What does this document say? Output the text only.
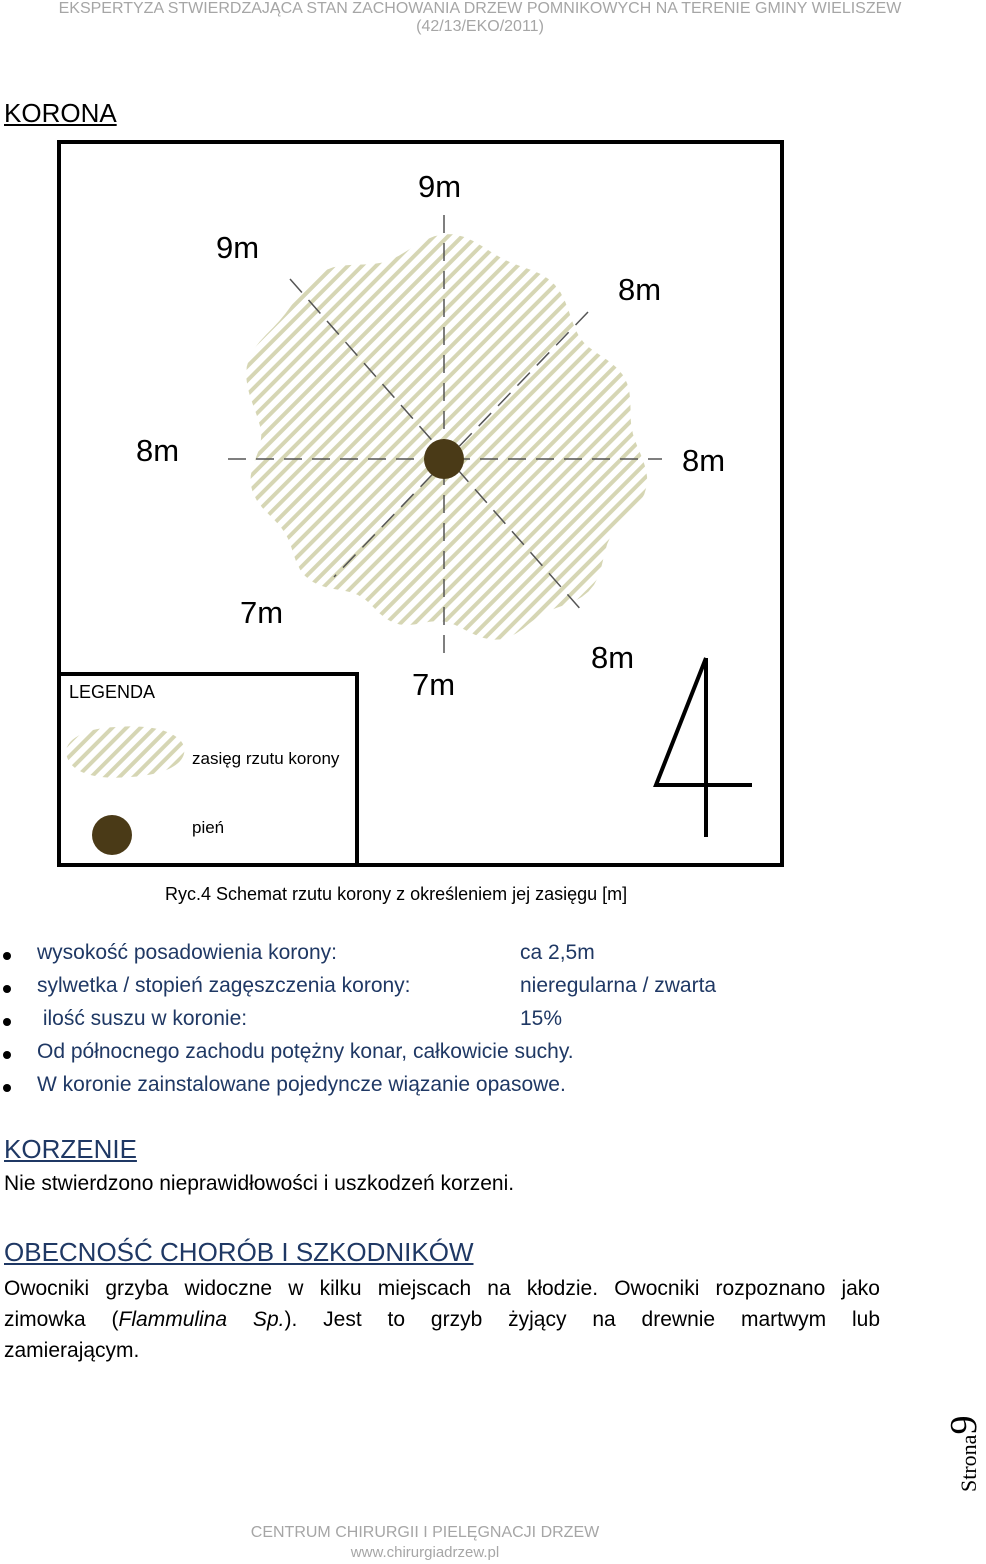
EKSPERTYZA STWIERDZAJĄCA STAN ZACHOWANIA DRZEW POMNIKOWYCH NA TERENIE GMINY WIELISZEW
(42/13/EKO/2011)
KORONA
9m
9m
8m
8m	8m
7m
7m
8m
LEGENDA
zasięg rzutu korony
pień
Ryc.4 Schemat rzutu korony z określeniem jej zasięgu [m]
wysokość posadowienia korony:	ca 2,5m
sylwetka / stopień zagęszczenia korony:	nieregularna / zwarta
ilość suszu w koronie:	15%
Od północnego zachodu potężny konar, całkowicie suchy.
W koronie zainstalowane pojedyncze wiązanie opasowe.
KORZENIE
Nie stwierdzono nieprawidłowości i uszkodzeń korzeni.
OBECNOŚĆ CHORÓB I SZKODNIKÓW
Owocniki grzyba widoczne w kilku miejscach na kłodzie. Owocniki rozpoznano jako
zimowka (Flammulina Sp.). Jest to grzyb żyjący na drewnie martwym lub
zamierającym.
CENTRUM CHIRURGII I PIELĘGNACJI DRZEW
www.chirurgiadrzew.pl
Strona9
